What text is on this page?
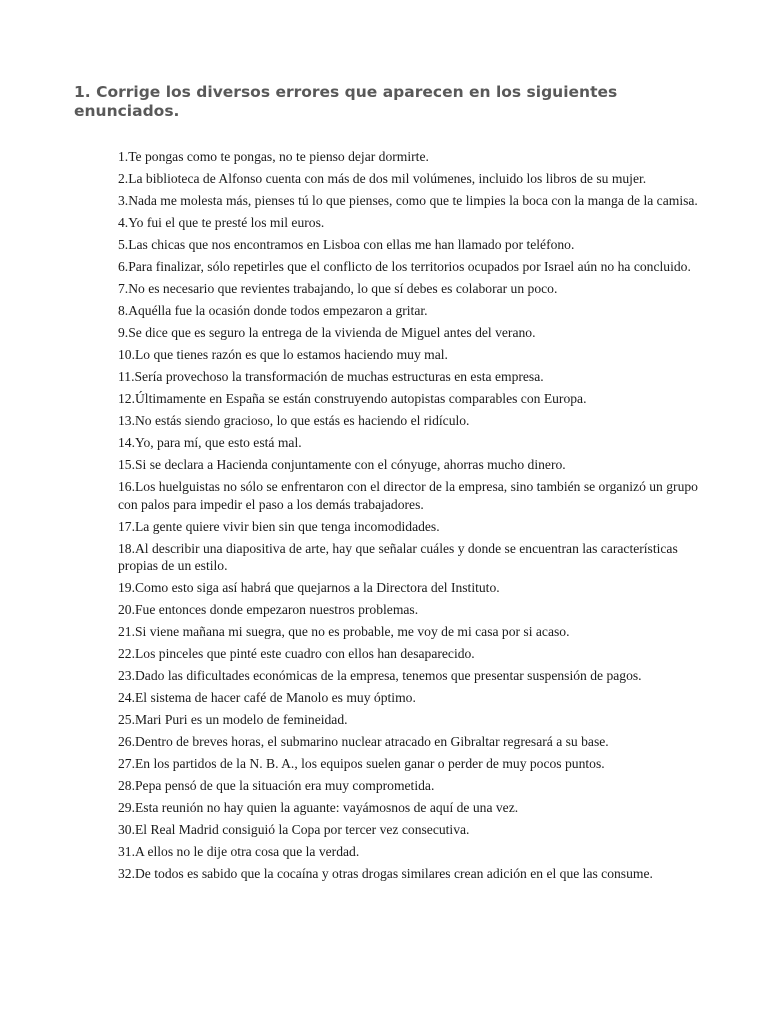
1. Corrige los diversos errores que aparecen en los siguientes enunciados.
1.Te pongas como te pongas, no te pienso dejar dormirte.
2.La biblioteca de Alfonso cuenta con más de dos mil volúmenes, incluido los libros de su mujer.
3.Nada me molesta más, pienses tú lo que pienses, como que te limpies la boca con la manga de la camisa.
4.Yo fui el que te presté los mil euros.
5.Las chicas que nos encontramos en Lisboa con ellas me han llamado por teléfono.
6.Para finalizar, sólo repetirles que el conflicto de los territorios ocupados por Israel aún no ha concluido.
7.No es necesario que revientes trabajando, lo que sí debes es colaborar un poco.
8.Aquélla fue la ocasión donde todos empezaron a gritar.
9.Se dice que es seguro la entrega de la vivienda de Miguel antes del verano.
10.Lo que tienes razón es que lo estamos haciendo muy mal.
11.Sería provechoso la transformación de muchas estructuras en esta empresa.
12.Últimamente en España se están construyendo autopistas comparables con Europa.
13.No estás siendo gracioso, lo que estás es haciendo el ridículo.
14.Yo, para mí, que esto está mal.
15.Si se declara a Hacienda conjuntamente con el cónyuge, ahorras mucho dinero.
16.Los huelguistas no sólo se enfrentaron con el director de la empresa, sino también se organizó un grupo con palos para impedir el paso a los demás trabajadores.
17.La gente quiere vivir bien sin que tenga incomodidades.
18.Al describir una diapositiva de arte, hay que señalar cuáles y donde se encuentran las características propias de un estilo.
19.Como esto siga así habrá que quejarnos a la Directora del Instituto.
20.Fue entonces donde empezaron nuestros problemas.
21.Si viene mañana mi suegra, que no es probable, me voy de mi casa por si acaso.
22.Los pinceles que pinté este cuadro con ellos han desaparecido.
23.Dado las dificultades económicas de la empresa, tenemos que presentar suspensión de pagos.
24.El sistema de hacer café de Manolo es muy óptimo.
25.Mari Puri es un modelo de femineidad.
26.Dentro de breves horas, el submarino nuclear atracado en Gibraltar regresará a su base.
27.En los partidos de la N. B. A., los equipos suelen ganar o perder de muy pocos puntos.
28.Pepa pensó de que la situación era muy comprometida.
29.Esta reunión no hay quien la aguante: vayámosnos de aquí de una vez.
30.El Real Madrid consiguió la Copa por tercer vez consecutiva.
31.A ellos no le dije otra cosa que la verdad.
32.De todos es sabido que la cocaína y otras drogas similares crean adición en el que las consume.
